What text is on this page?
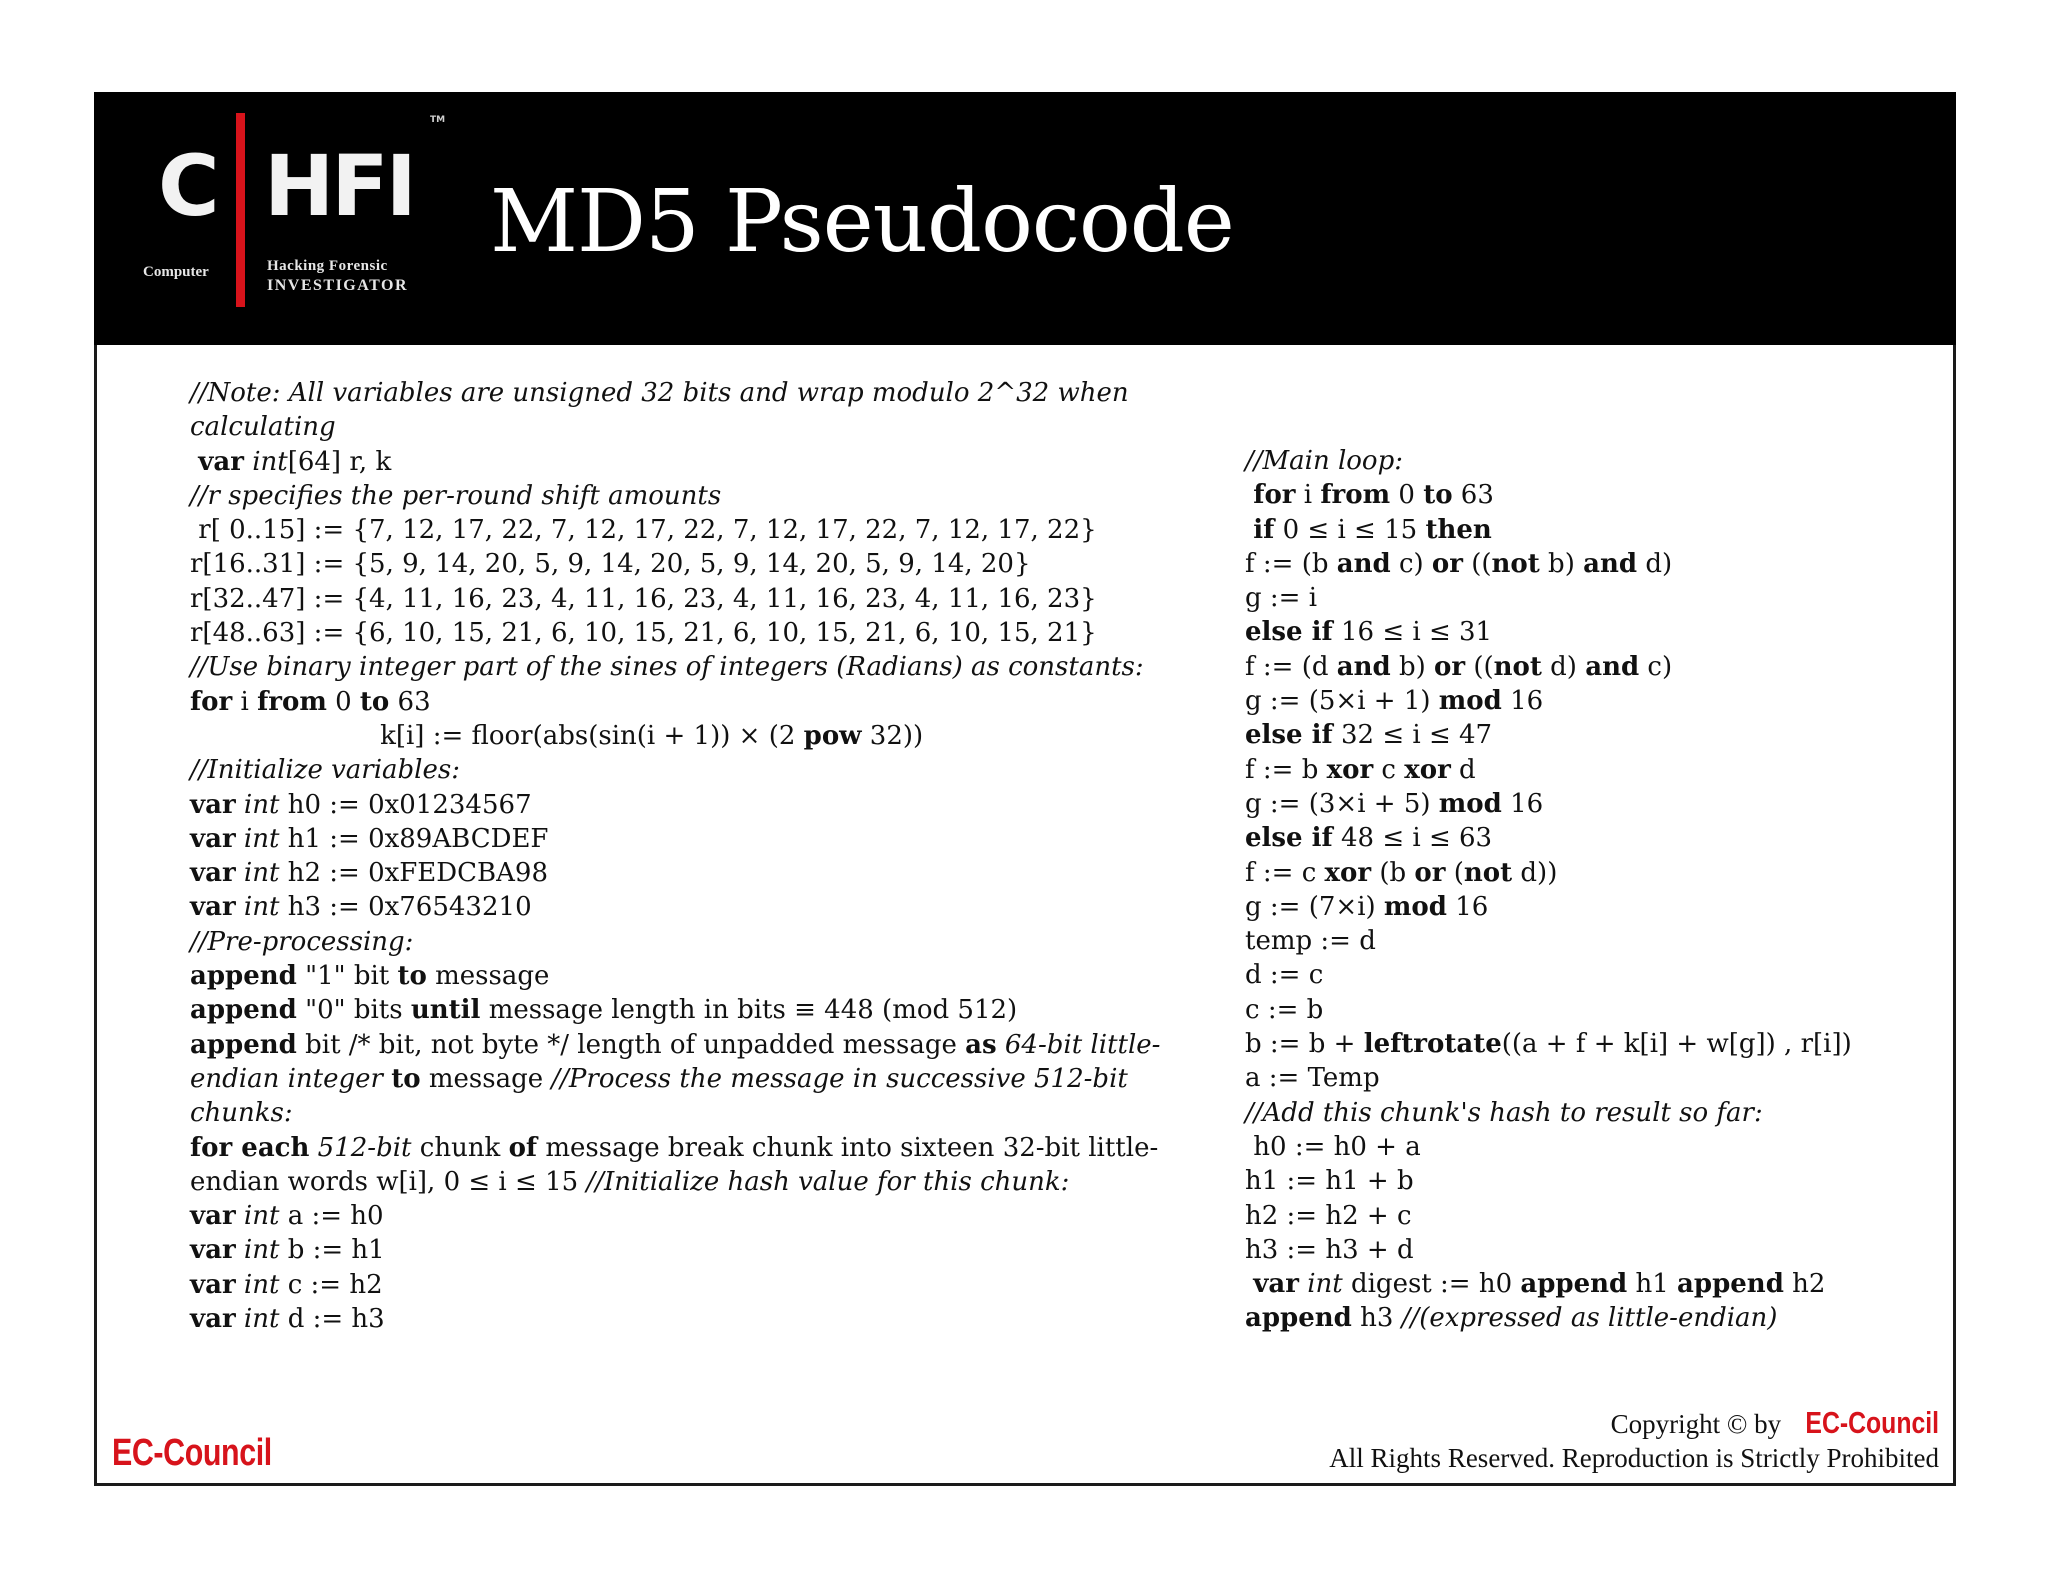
TM
C HFI
Computer	Hacking Forensic
INVESTIGATOR
MD5 Pseudocode
//Note: All variables are unsigned 32 bits and wrap modulo 2^32 when
calculating
var int[64] r, k
//r specifies the per-round shift amounts
r[ 0..15] := {7, 12, 17, 22, 7, 12, 17, 22, 7, 12, 17, 22, 7, 12, 17, 22}
r[16..31] := {5, 9, 14, 20, 5, 9, 14, 20, 5, 9, 14, 20, 5, 9, 14, 20}
r[32..47] := {4, 11, 16, 23, 4, 11, 16, 23, 4, 11, 16, 23, 4, 11, 16, 23}
r[48..63] := {6, 10, 15, 21, 6, 10, 15, 21, 6, 10, 15, 21, 6, 10, 15, 21}
//Use binary integer part of the sines of integers (Radians) as constants:
for i from 0 to 63
k[i] := floor(abs(sin(i + 1)) × (2 pow 32))
//Initialize variables:
var int h0 := 0x01234567
var int h1 := 0x89ABCDEF
var int h2 := 0xFEDCBA98
var int h3 := 0x76543210
//Pre-processing:
append "1" bit to message
append "0" bits until message length in bits ≡ 448 (mod 512)
append bit /* bit, not byte */ length of unpadded message as 64-bit little-
endian integer to message //Process the message in successive 512-bit
chunks:
for each 512-bit chunk of message break chunk into sixteen 32-bit little-
endian words w[i], 0 ≤ i ≤ 15 //Initialize hash value for this chunk:
var int a := h0
var int b := h1
var int c := h2
var int d := h3
//Main loop:
for i from 0 to 63
if 0 ≤ i ≤ 15 then
f := (b and c) or ((not b) and d)
g := i
else if 16 ≤ i ≤ 31
f := (d and b) or ((not d) and c)
g := (5×i + 1) mod 16
else if 32 ≤ i ≤ 47
f := b xor c xor d
g := (3×i + 5) mod 16
else if 48 ≤ i ≤ 63
f := c xor (b or (not d))
g := (7×i) mod 16
temp := d
d := c
c := b
b := b + leftrotate((a + f + k[i] + w[g]) , r[i])
a := Temp
//Add this chunk's hash to result so far:
h0 := h0 + a
h1 := h1 + b
h2 := h2 + c
h3 := h3 + d
var int digest := h0 append h1 append h2
append h3 //(expressed as little-endian)
EC-Council
Copyright © by EC-Council
All Rights Reserved. Reproduction is Strictly Prohibited
